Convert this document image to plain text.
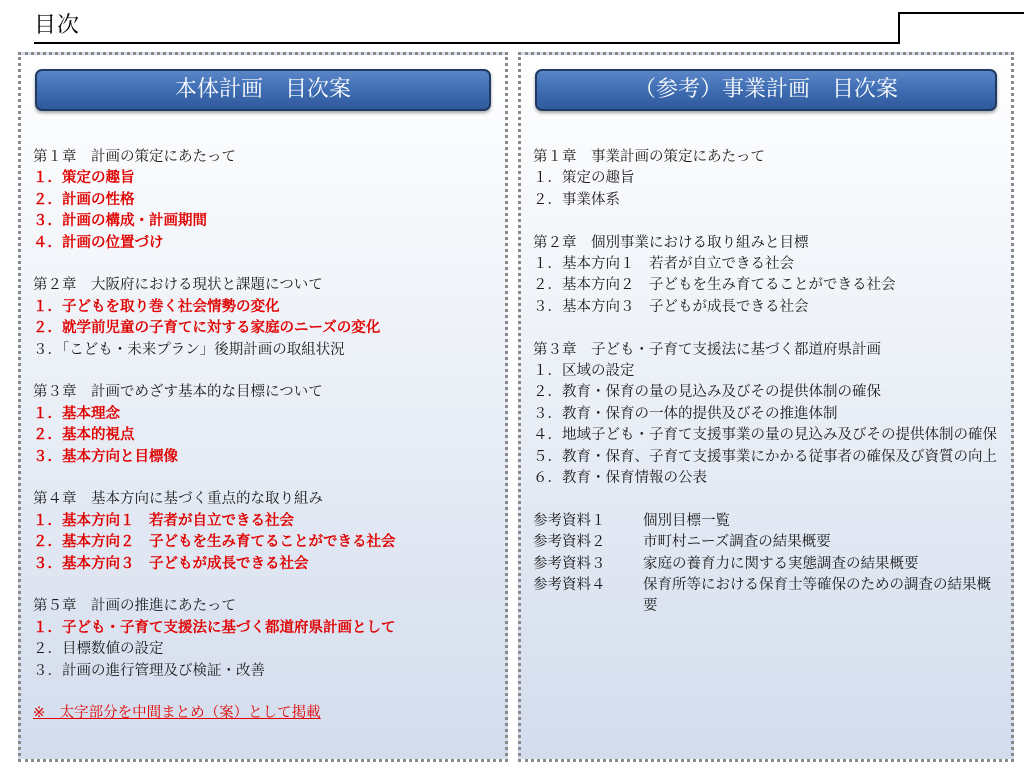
目次
本体計画　目次案
第１章　計画の策定にあたって
１．策定の趣旨
２．計画の性格
３．計画の構成・計画期間
４．計画の位置づけ
第２章　大阪府における現状と課題について
１．子どもを取り巻く社会情勢の変化
２．就学前児童の子育てに対する家庭のニーズの変化
３．「こども・未来プラン」後期計画の取組状況
第３章　計画でめざす基本的な目標について
１．基本理念
２．基本的視点
３．基本方向と目標像
第４章　基本方向に基づく重点的な取り組み
１．基本方向１　若者が自立できる社会
２．基本方向２　子どもを生み育てることができる社会
３．基本方向３　子どもが成長できる社会
第５章　計画の推進にあたって
１．子ども・子育て支援法に基づく都道府県計画として
２．目標数値の設定
３．計画の進行管理及び検証・改善
※　太字部分を中間まとめ（案）として掲載
（参考）事業計画　目次案
第１章　事業計画の策定にあたって
１．策定の趣旨
２．事業体系
第２章　個別事業における取り組みと目標
１．基本方向１　若者が自立できる社会
２．基本方向２　子どもを生み育てることができる社会
３．基本方向３　子どもが成長できる社会
第３章　子ども・子育て支援法に基づく都道府県計画
１． 区域の設定
２． 教育・保育の量の見込み及びその提供体制の確保
３． 教育・保育の一体的提供及びその推進体制
４． 地域子ども・子育て支援事業の量の見込み及びその提供体制の確保
５． 教育・保育、子育て支援事業にかかる従事者の確保及び資質の向上
６． 教育・保育情報の公表
参考資料１	個別目標一覧
参考資料２	市町村ニーズ調査の結果概要
参考資料３	家庭の養育力に関する実態調査の結果概要
参考資料４	保育所等における保育士等確保のための調査の結果概要
